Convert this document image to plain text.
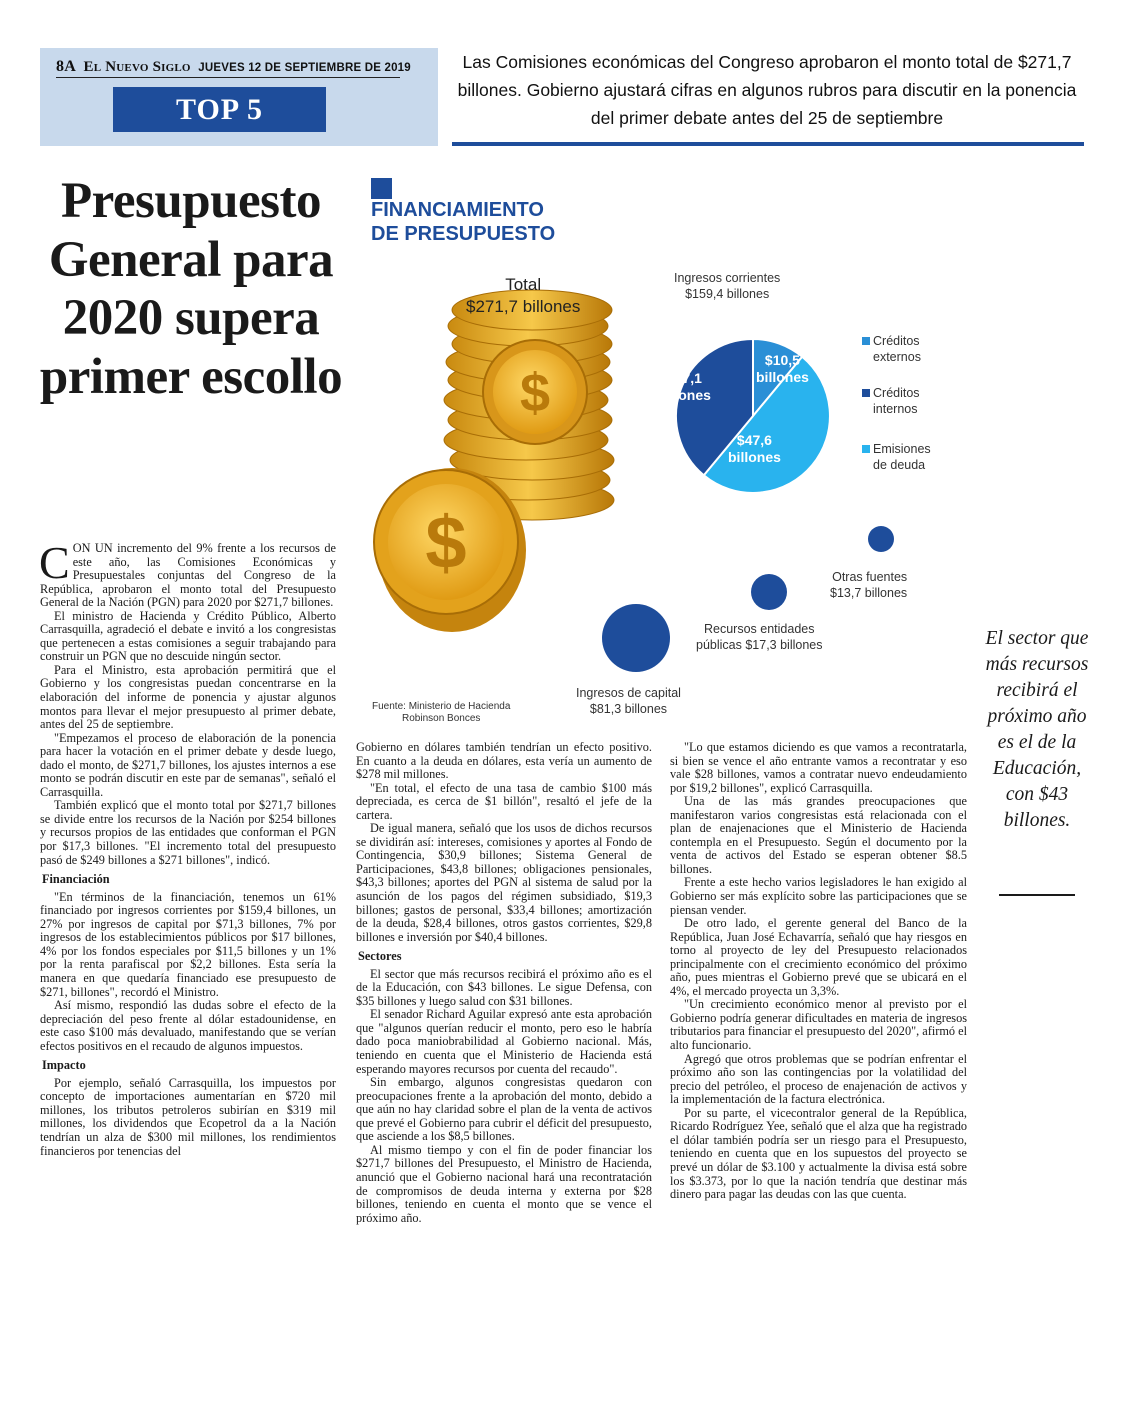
8A El Nuevo Siglo JUEVES 12 DE SEPTIEMBRE DE 2019
TOP 5
Las Comisiones económicas del Congreso aprobaron el monto total de $271,7 billones. Gobierno ajustará cifras en algunos rubros para discutir en la ponencia del primer debate antes del 25 de septiembre
Presupuesto General para 2020 supera primer escollo

CON UN incremento del 9% frente a los recursos de este año, las Comisiones Económicas y Presupuestales conjuntas del Congreso de la República, aprobaron el monto total del Presupuesto General de la Nación (PGN) para 2020 por $271,7 billones.

El ministro de Hacienda y Crédito Público, Alberto Carrasquilla, agradeció el debate e invitó a los congresistas que pertenecen a estas comisiones a seguir trabajando para construir un PGN que no descuide ningún sector.

Para el Ministro, esta aprobación permitirá que el Gobierno y los congresistas puedan concentrarse en la elaboración del informe de ponencia y ajustar algunos montos para llevar el mejor presupuesto al primer debate, antes del 25 de septiembre.

"Empezamos el proceso de elaboración de la ponencia para hacer la votación en el primer debate y desde luego, dado el monto, de $271,7 billones, los ajustes internos a ese monto se podrán discutir en este par de semanas", señaló el Carrasquilla.

También explicó que el monto total por $271,7 billones se divide entre los recursos de la Nación por $254 billones y recursos propios de las entidades que conforman el PGN por $17,3 billones. "El incremento total del presupuesto pasó de $249 billones a $271 billones", indicó.

Financiación

"En términos de la financiación, tenemos un 61% financiado por ingresos corrientes por $159,4 billones, un 27% por ingresos de capital por $71,3 billones, 7% por ingresos de los establecimientos públicos por $17 billones, 4% por los fondos especiales por $11,5 billones y un 1% por la renta parafiscal por $2,2 billones. Esta sería la manera en que quedaría financiado ese presupuesto de $271, billones", recordó el Ministro.

Así mismo, respondió las dudas sobre el efecto de la depreciación del peso frente al dólar estadounidense, en este caso $100 más devaluado, manifestando que se verían efectos positivos en el recaudo de algunos impuestos.

Impacto

Por ejemplo, señaló Carrasquilla, los impuestos por concepto de importaciones aumentarían en $720 mil millones, los tributos petroleros subirían en $319 mil millones, los dividendos que Ecopetrol da a la Nación tendrían un alza de $300 mil millones, los rendimientos financieros por tenencias del

Gobierno en dólares también tendrían un efecto positivo. En cuanto a la deuda en dólares, esta vería un aumento de $278 mil millones.

"En total, el efecto de una tasa de cambio $100 más depreciada, es cerca de $1 billón", resaltó el jefe de la cartera.

De igual manera, señaló que los usos de dichos recursos se dividirán así: intereses, comisiones y aportes al Fondo de Contingencia, $30,9 billones; Sistema General de Participaciones, $43,8 billones; obligaciones pensionales, $43,3 billones; aportes del PGN al sistema de salud por la asunción de los pagos del régimen subsidiado, $19,3 billones; gastos de personal, $33,4 billones; amortización de la deuda, $28,4 billones, otros gastos corrientes, $29,8 billones e inversión por $40,4 billones.

Sectores

El sector que más recursos recibirá el próximo año es el de la Educación, con $43 billones. Le sigue Defensa, con $35 billones y luego salud con $31 billones.

El senador Richard Aguilar expresó ante esta aprobación que "algunos querían reducir el monto, pero eso le habría dado poca maniobrabilidad al Gobierno nacional. Más, teniendo en cuenta que el Ministerio de Hacienda está esperando mayores recursos por cuenta del recaudo".

Sin embargo, algunos congresistas quedaron con preocupaciones frente a la aprobación del monto, debido a que aún no hay claridad sobre el plan de la venta de activos que prevé el Gobierno para cubrir el déficit del presupuesto, que asciende a los $8,5 billones.

Al mismo tiempo y con el fin de poder financiar los $271,7 billones del Presupuesto, el Ministro de Hacienda, anunció que el Gobierno nacional hará una recontratación de compromisos de deuda interna y externa por $28 billones, teniendo en cuenta el monto que se vence el próximo año.

"Lo que estamos diciendo es que vamos a recontratarla, si bien se vence el año entrante vamos a recontratar y eso vale $28 billones, vamos a contratar nuevo endeudamiento por $19,2 billones", explicó Carrasquilla.

Una de las más grandes preocupaciones que manifestaron varios congresistas está relacionada con el plan de enajenaciones que el Ministerio de Hacienda contempla en el Presupuesto. Según el documento por la venta de activos del Estado se esperan obtener $8.5 billones.

Frente a este hecho varios legisladores le han exigido al Gobierno ser más explícito sobre las participaciones que se piensan vender.

De otro lado, el gerente general del Banco de la República, Juan José Echavarría, señaló que hay riesgos en torno al proyecto de ley del Presupuesto relacionados principalmente con el crecimiento económico del próximo año, pues mientras el Gobierno prevé que se ubicará en el 4%, el mercado proyecta un 3,3%.

"Un crecimiento económico menor al previsto por el Gobierno podría generar dificultades en materia de ingresos tributarios para financiar el presupuesto del 2020", afirmó el alto funcionario.

Agregó que otros problemas que se podrían enfrentar el próximo año son las contingencias por la volatilidad del precio del petróleo, el proceso de enajenación de activos y la implementación de la factura electrónica.

Por su parte, el vicecontralor general de la República, Ricardo Rodríguez Yee, señaló que el alza que ha registrado el dólar también podría ser un riesgo para el Presupuesto, teniendo en cuenta que en los supuestos del proyecto se prevé un dólar de $3.100 y actualmente la divisa está sobre los $3.373, por lo que la nación tendría que destinar más dinero para pagar las deudas con las que cuenta.

$
$
FINANCIAMIENTO
DE PRESUPUESTO
Total
$271,7 billones
Ingresos corrientes
$159,4 billones
$10,5
billones
$37,1
billones
$47,6
billones
Créditos
externos
Créditos
internos
Emisiones
de deuda
Otras fuentes
$13,7 billones
Recursos entidades
públicas $17,3 billones
Ingresos de capital
$81,3 billones
Fuente: Ministerio de Hacienda
Robinson Bonces
El sector que más recursos recibirá el próximo año es el de la Educación, con $43 billones.
